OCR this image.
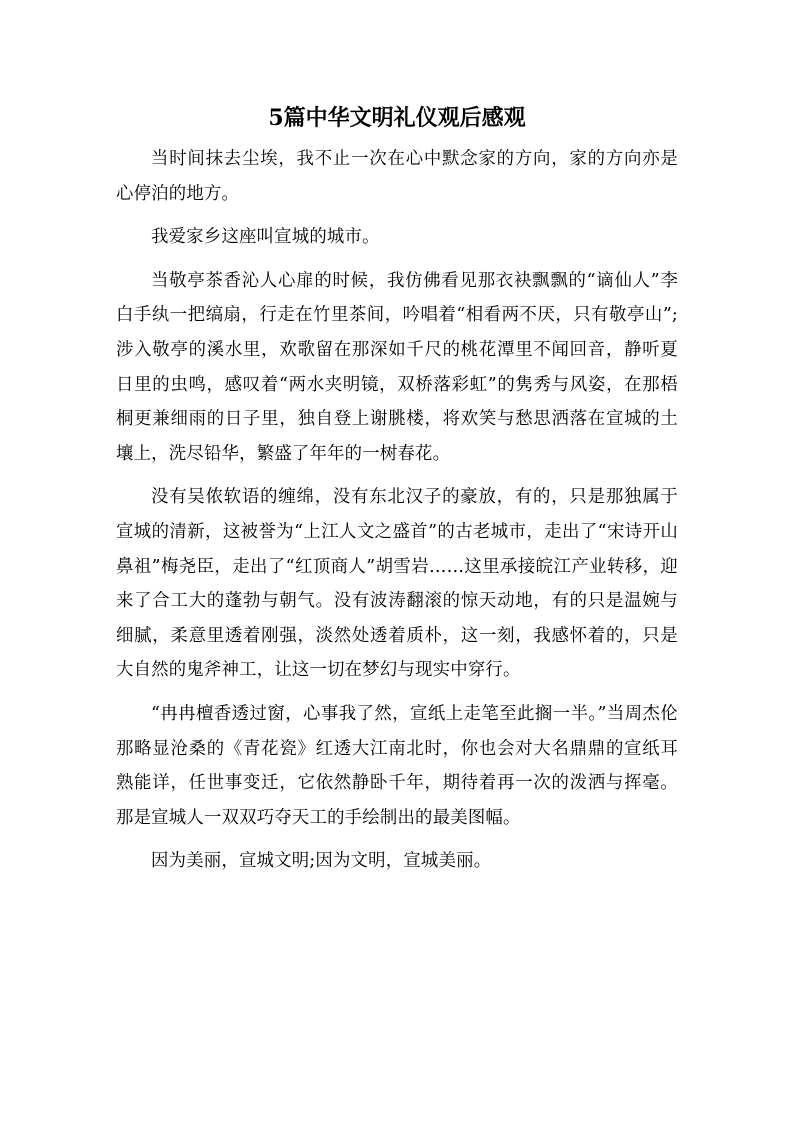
5篇中华文明礼仪观后感观

当时间抹去尘埃，我不止一次在心中默念家的方向，家的方向亦是心停泊的地方。

我爱家乡这座叫宣城的城市。

当敬亭茶香沁人心扉的时候，我仿佛看见那衣袂飘飘的“谪仙人”李白手纨一把缟扇，行走在竹里茶间，吟唱着“相看两不厌，只有敬亭山”;涉入敬亭的溪水里，欢歌留在那深如千尺的桃花潭里不闻回音，静听夏日里的虫鸣，感叹着“两水夹明镜，双桥落彩虹”的隽秀与风姿，在那梧桐更兼细雨的日子里，独自登上谢朓楼，将欢笑与愁思洒落在宣城的土壤上，洗尽铅华，繁盛了年年的一树春花。

没有吴侬软语的缠绵，没有东北汉子的豪放，有的，只是那独属于宣城的清新，这被誉为“上江人文之盛首”的古老城市，走出了“宋诗开山鼻祖”梅尧臣，走出了“红顶商人”胡雪岩……这里承接皖江产业转移，迎来了合工大的蓬勃与朝气。没有波涛翻滚的惊天动地，有的只是温婉与细腻，柔意里透着刚强，淡然处透着质朴，这一刻，我感怀着的，只是大自然的鬼斧神工，让这一切在梦幻与现实中穿行。

“冉冉檀香透过窗，心事我了然，宣纸上走笔至此搁一半。”当周杰伦那略显沧桑的《青花瓷》红透大江南北时，你也会对大名鼎鼎的宣纸耳熟能详，任世事变迁，它依然静卧千年，期待着再一次的泼洒与挥毫。那是宣城人一双双巧夺天工的手绘制出的最美图幅。

因为美丽，宣城文明;因为文明，宣城美丽。
